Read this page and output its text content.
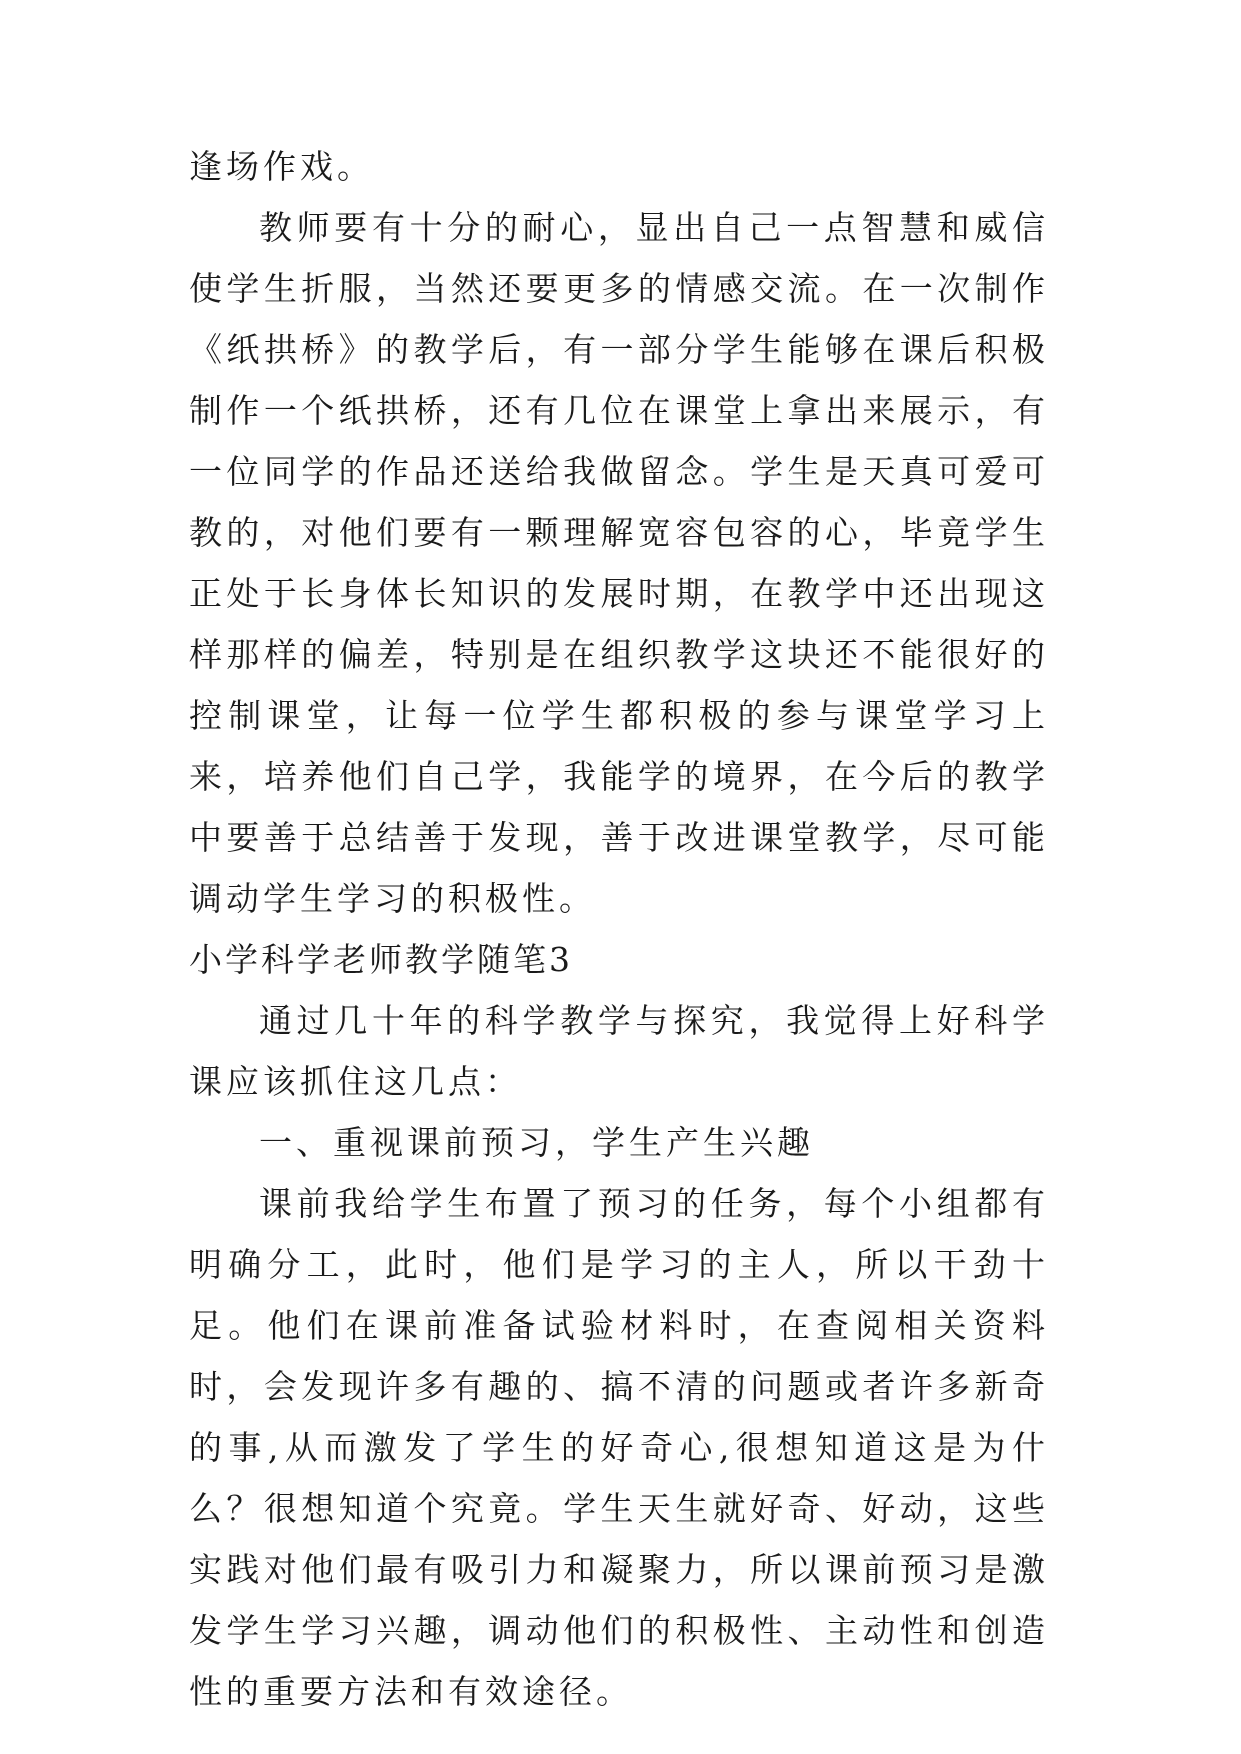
逢场作戏。

教师要有十分的耐心，显出自己一点智慧和威信使学生折服，当然还要更多的情感交流。在一次制作《纸拱桥》的教学后，有一部分学生能够在课后积极制作一个纸拱桥，还有几位在课堂上拿出来展示，有一位同学的作品还送给我做留念。学生是天真可爱可教的，对他们要有一颗理解宽容包容的心，毕竟学生正处于长身体长知识的发展时期，在教学中还出现这样那样的偏差，特别是在组织教学这块还不能很好的控制课堂，让每一位学生都积极的参与课堂学习上来，培养他们自己学，我能学的境界，在今后的教学中要善于总结善于发现，善于改进课堂教学，尽可能调动学生学习的积极性。

小学科学老师教学随笔3

通过几十年的科学教学与探究，我觉得上好科学课应该抓住这几点：

一、重视课前预习，学生产生兴趣

课前我给学生布置了预习的任务，每个小组都有明确分工，此时，他们是学习的主人，所以干劲十足。他们在课前准备试验材料时，在查阅相关资料时，会发现许多有趣的、搞不清的问题或者许多新奇的事,从而激发了学生的好奇心,很想知道这是为什么？很想知道个究竟。学生天生就好奇、好动，这些实践对他们最有吸引力和凝聚力，所以课前预习是激发学生学习兴趣，调动他们的积极性、主动性和创造性的重要方法和有效途径。
